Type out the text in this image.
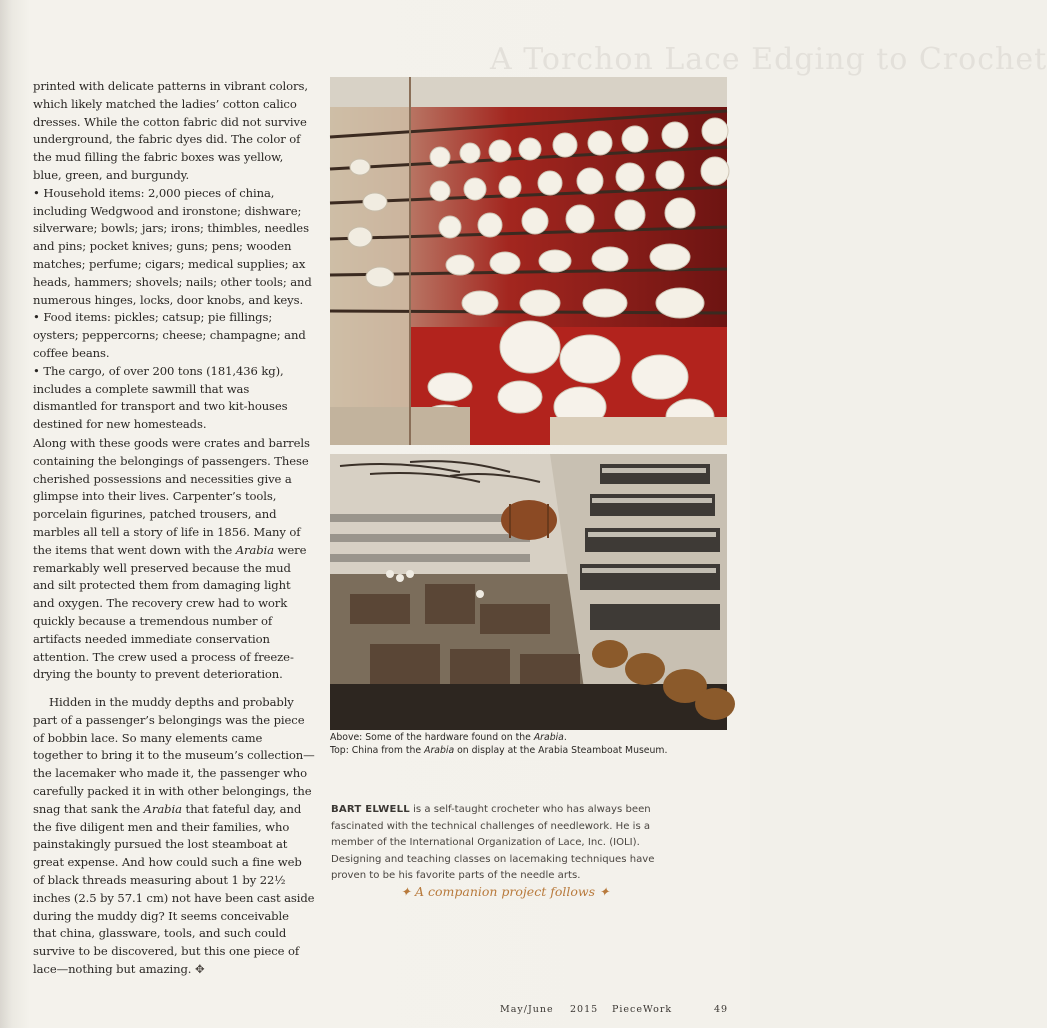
A Torchon Lace Edging to Crochet

printed with delicate patterns in vibrant colors, which likely matched the ladies’ cotton calico dresses. While the cotton fabric did not survive underground, the fabric dyes did. The color of the mud filling the fabric boxes was yellow, blue, green, and burgundy.

• Household items: 2,000 pieces of china, including Wedgwood and ironstone; dishware; silverware; bowls; jars; irons; thimbles, needles and pins; pocket knives; guns; pens; wooden matches; perfume; cigars; medical supplies; ax heads, hammers; shovels; nails; other tools; and numerous hinges, locks, door knobs, and keys.

• Food items: pickles; catsup; pie fillings; oysters; peppercorns; cheese; champagne; and coffee beans.

• The cargo, of over 200 tons (181,436 kg), includes a complete sawmill that was dismantled for transport and two kit-houses destined for new homesteads.

Along with these goods were crates and barrels containing the belongings of passengers. These cherished possessions and necessities give a glimpse into their lives. Carpenter’s tools, porcelain figurines, patched trousers, and marbles all tell a story of life in 1856. Many of the items that went down with the Arabia were remarkably well preserved because the mud and silt protected them from damaging light and oxygen. The recovery crew had to work quickly because a tremendous number of artifacts needed immediate conservation attention. The crew used a process of freeze-drying the bounty to prevent deterioration.

Hidden in the muddy depths and probably part of a passenger’s belongings was the piece of bobbin lace. So many elements came together to bring it to the museum’s collection—the lacemaker who made it, the passenger who carefully packed it in with other belongings, the snag that sank the Arabia that fateful day, and the five diligent men and their families, who painstakingly pursued the lost steamboat at great expense. And how could such a fine web of black threads measuring about 1 by 22½ inches (2.5 by 57.1 cm) not have been cast aside during the muddy dig? It seems conceivable that china, glassware, tools, and such could survive to be discovered, but this one piece of lace—nothing but amazing. ✥

Above: Some of the hardware found on the Arabia.
Top: China from the Arabia on display at the Arabia Steamboat Museum.
BART ELWELL is a self-taught crocheter who has always been fascinated with the technical challenges of needlework. He is a member of the International Organization of Lace, Inc. (IOLI). Designing and teaching classes on lacemaking techniques have proven to be his favorite parts of the needle arts.
✦ A companion project follows ✦
May/June 2015 PieceWork	49
